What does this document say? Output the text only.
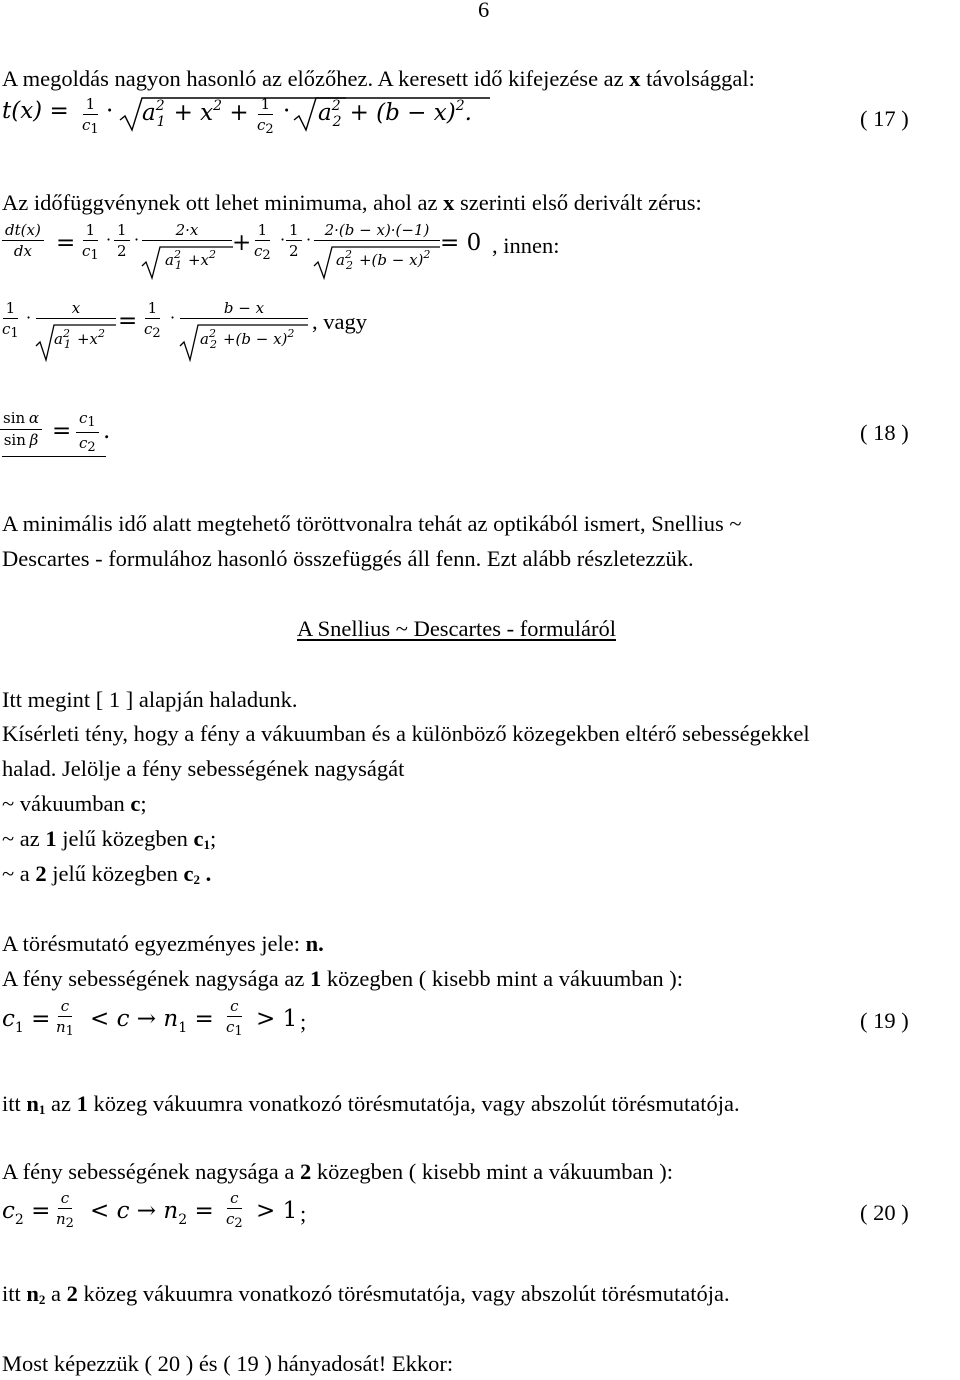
6
A megoldás nagyon hasonló az előzőhez. A keresett idő kifejezése az x távolsággal:
$t(x) = \frac{1}{c_1} \cdot a^2_1 + x^2 + \frac{1}{c_2} \cdot a^2_2 + (b - x)^2$.	( 17 )
Az időfüggvénynek ott lehet minimuma, ahol az x szerinti első derivált zérus:
$\frac{dt(x)}{dx} = \frac{1}{c_1} \cdot \frac{1}{2}$ ·	2·x
$a^2_1 +x^2 + \frac{1}{c_2} \cdot \frac{1}{2} \cdot 2\cdot(b - x)\cdot(-1)$
$a^2_2 +(b - x)^2 = 0$ , innen:
$\frac{1}{c_1}$ ·	x
$a^2_1 +x^2 = \frac{1}{c_2}$ ·	b − x
$a^2_2 +(b - x)^2$ , vagy
$\frac{\text{sin α}}{\text{sin β}} = \frac{c_1}{c_2}$ .	( 18 )
A minimális idő alatt megtehető töröttvonalra tehát az optikából ismert, Snellius ~
Descartes - formulához hasonló összefüggés áll fenn. Ezt alább részletezzük.
A Snellius ~ Descartes - formuláról
Itt megint [ 1 ] alapján haladunk.
Kísérleti tény, hogy a fény a vákuumban és a különböző közegekben eltérő sebességekkel
halad. Jelölje a fény sebességének nagyságát
~ vákuumban c;
~ az 1 jelű közegben $c_1$;
~ a 2 jelű közegben $c_2$ .
A törésmutató egyezményes jele: n.
A fény sebességének nagysága az 1 közegben ( kisebb mint a vákuumban ):
$c_1 = \frac{c}{n_1} < c \to n_1 = \frac{c}{c_1} > 1$ ;	( 19 )
itt $n_1$ az 1 közeg vákuumra vonatkozó törésmutatója, vagy abszolút törésmutatója.
A fény sebességének nagysága a 2 közegben ( kisebb mint a vákuumban ):
$c_2 = \frac{c}{n_2} < c \to n_2 = \frac{c}{c_2} > 1$ ;	( 20 )
itt $n_2$ a 2 közeg vákuumra vonatkozó törésmutatója, vagy abszolút törésmutatója.
Most képezzük ( 20 ) és ( 19 ) hányadosát! Ekkor:
